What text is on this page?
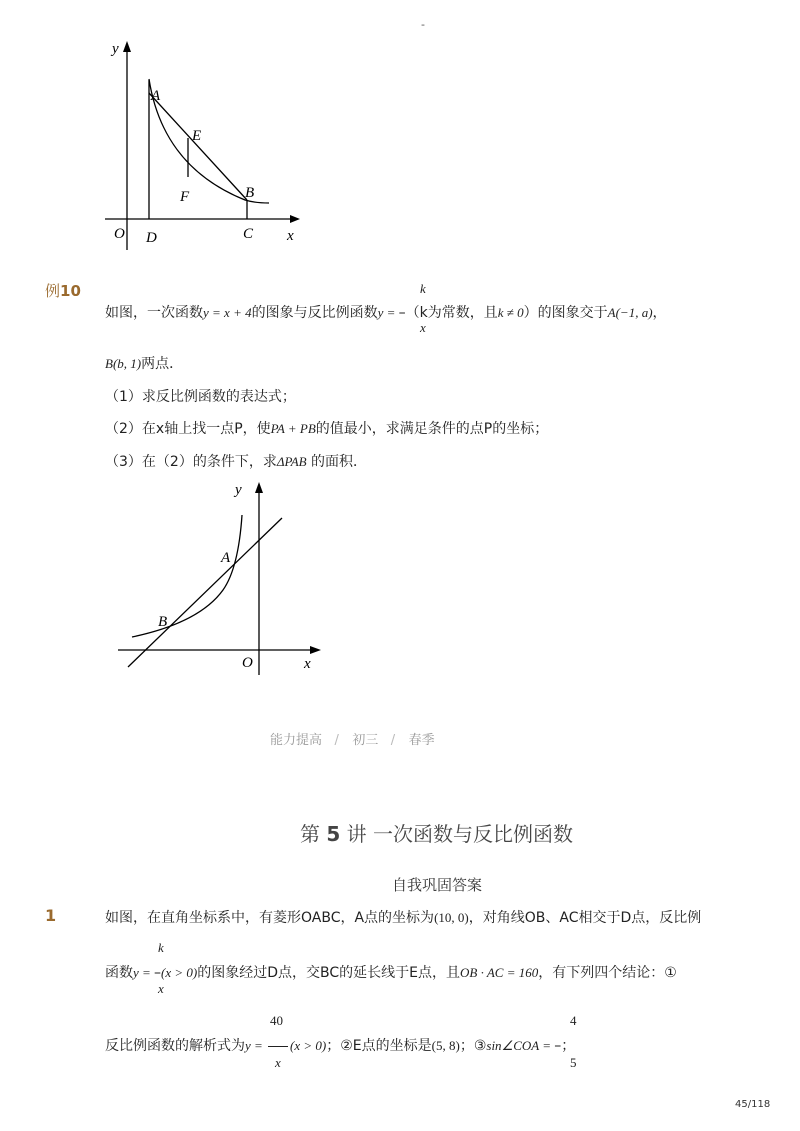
-
y
A
E
F	B
O D	C x
例10	k
x
如图，一次函数y = x + 4的图象与反比例函数y = –（k为常数，且k ≠ 0）的图象交于A(−1, a)，
B(b, 1)两点．
（1）求反比例函数的表达式；
（2）在x轴上找一点P，使PA + PB的值最小，求满足条件的点P的坐标；
（3）在（2）的条件下，求ΔPAB 的面积．
y
A
B
O	x
能力提高 / 初三 / 春季
第 5 讲 一次函数与反比例函数
自我巩固答案
1	如图，在直角坐标系中，有菱形OABC，A点的坐标为(10, 0)，对角线OB、AC相交于D点，反比例
k
x
函数y = –(x > 0)的图象经过D点，交BC的延长线于E点，且OB · AC = 160，有下列四个结论：①
40
x
4
5
反比例函数的解析式为y = (x > 0)；②E点的坐标是(5, 8)；③sin∠COA = –；
45/118
